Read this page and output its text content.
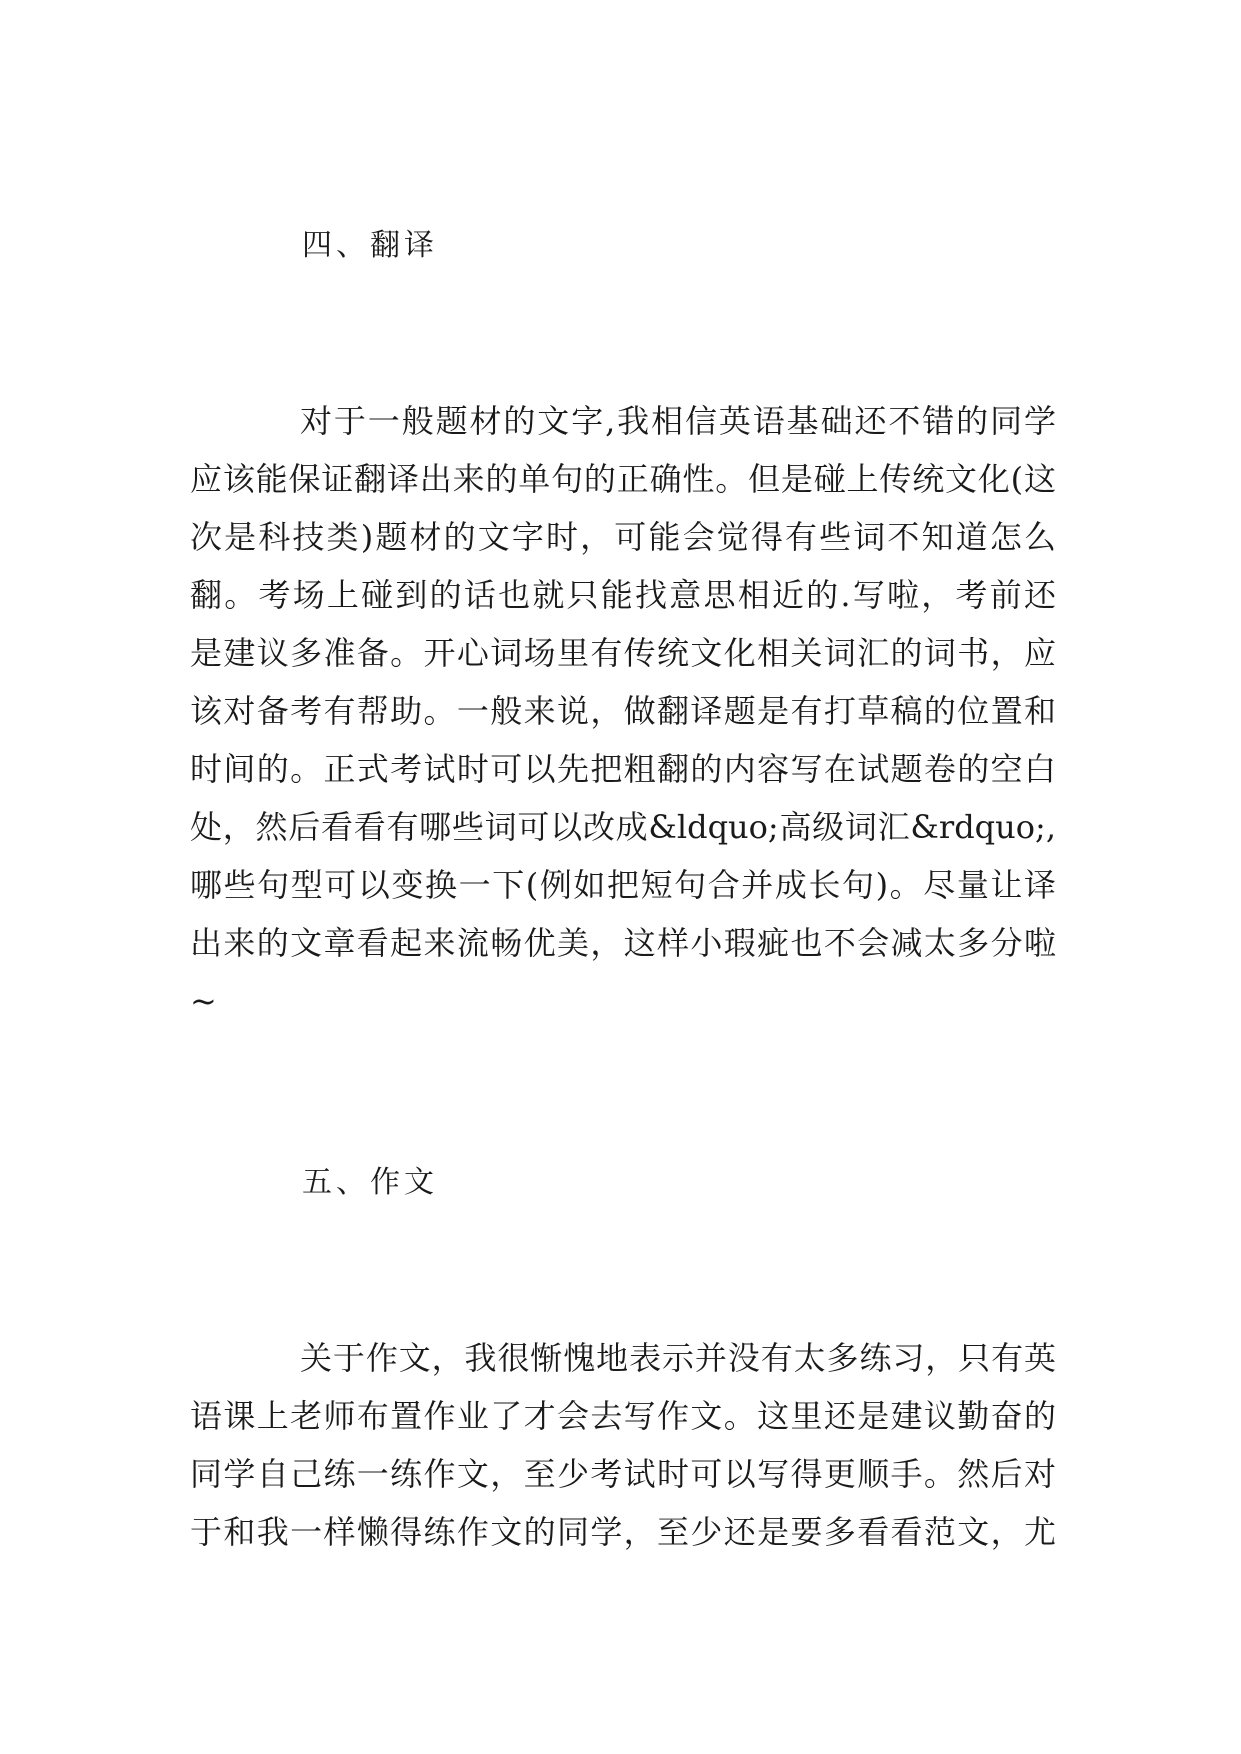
四、翻译
对于一般题材的文字,我相信英语基础还不错的同学
应该能保证翻译出来的单句的正确性。但是碰上传统文化(这
次是科技类)题材的文字时，可能会觉得有些词不知道怎么
翻。考场上碰到的话也就只能找意思相近的.写啦，考前还
是建议多准备。开心词场里有传统文化相关词汇的词书，应
该对备考有帮助。一般来说，做翻译题是有打草稿的位置和
时间的。正式考试时可以先把粗翻的内容写在试题卷的空白
处，然后看看有哪些词可以改成&ldquo;高级词汇&rdquo;,
哪些句型可以变换一下(例如把短句合并成长句)。尽量让译
出来的文章看起来流畅优美，这样小瑕疵也不会减太多分啦
~
五、作文
关于作文，我很惭愧地表示并没有太多练习，只有英
语课上老师布置作业了才会去写作文。这里还是建议勤奋的
同学自己练一练作文，至少考试时可以写得更顺手。然后对
于和我一样懒得练作文的同学，至少还是要多看看范文，尤
